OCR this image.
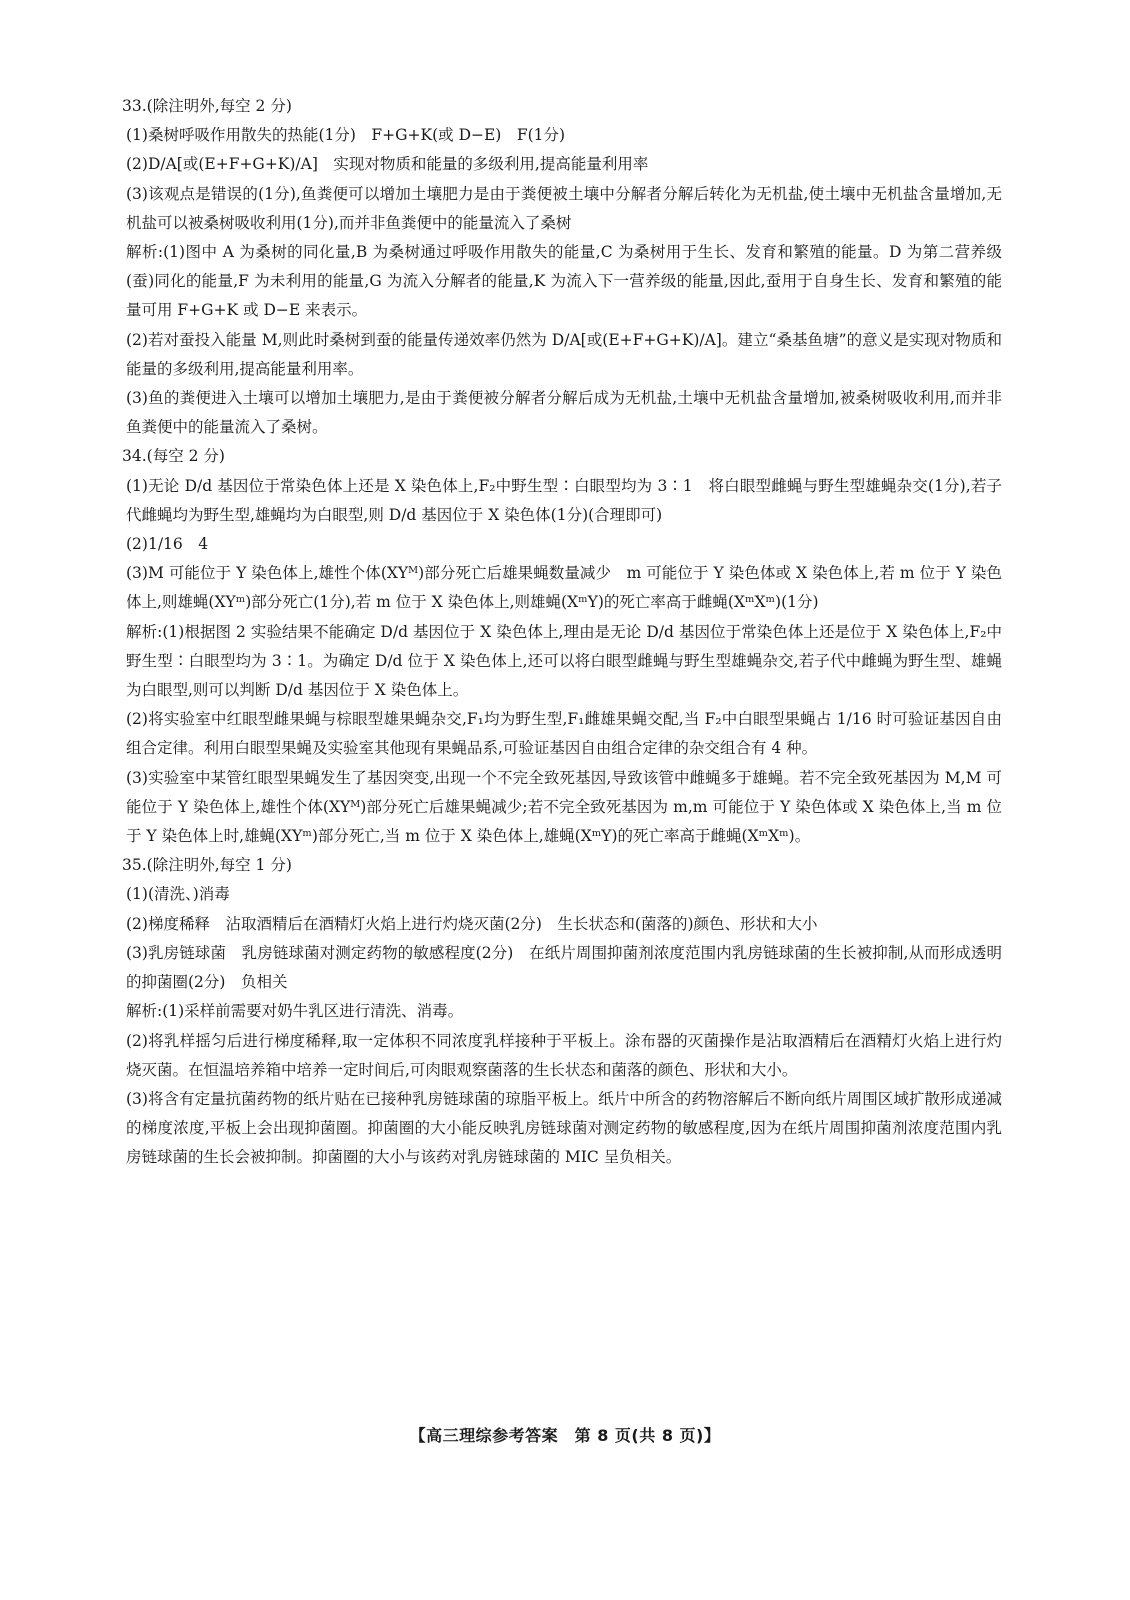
33.(除注明外,每空 2 分)

(1)桑树呼吸作用散失的热能(1分)　F+G+K(或 D−E)　F(1分)

(2)D/A[或(E+F+G+K)/A]　实现对物质和能量的多级利用,提高能量利用率

(3)该观点是错误的(1分),鱼粪便可以增加土壤肥力是由于粪便被土壤中分解者分解后转化为无机盐,使土壤中无机盐含量增加,无机盐可以被桑树吸收利用(1分),而并非鱼粪便中的能量流入了桑树

解析:(1)图中 A 为桑树的同化量,B 为桑树通过呼吸作用散失的能量,C 为桑树用于生长、发育和繁殖的能量。D 为第二营养级(蚕)同化的能量,F 为未利用的能量,G 为流入分解者的能量,K 为流入下一营养级的能量,因此,蚕用于自身生长、发育和繁殖的能量可用 F+G+K 或 D−E 来表示。

(2)若对蚕投入能量 M,则此时桑树到蚕的能量传递效率仍然为 D/A[或(E+F+G+K)/A]。建立“桑基鱼塘”的意义是实现对物质和能量的多级利用,提高能量利用率。

(3)鱼的粪便进入土壤可以增加土壤肥力,是由于粪便被分解者分解后成为无机盐,土壤中无机盐含量增加,被桑树吸收利用,而并非鱼粪便中的能量流入了桑树。

34.(每空 2 分)

(1)无论 D/d 基因位于常染色体上还是 X 染色体上,F₂中野生型∶白眼型均为 3∶1　将白眼型雌蝇与野生型雄蝇杂交(1分),若子代雌蝇均为野生型,雄蝇均为白眼型,则 D/d 基因位于 X 染色体(1分)(合理即可)

(2)1/16　4

(3)M 可能位于 Y 染色体上,雄性个体(XYᴹ)部分死亡后雄果蝇数量减少　m 可能位于 Y 染色体或 X 染色体上,若 m 位于 Y 染色体上,则雄蝇(XYᵐ)部分死亡(1分),若 m 位于 X 染色体上,则雄蝇(XᵐY)的死亡率高于雌蝇(XᵐXᵐ)(1分)

解析:(1)根据图 2 实验结果不能确定 D/d 基因位于 X 染色体上,理由是无论 D/d 基因位于常染色体上还是位于 X 染色体上,F₂中野生型∶白眼型均为 3∶1。为确定 D/d 位于 X 染色体上,还可以将白眼型雌蝇与野生型雄蝇杂交,若子代中雌蝇为野生型、雄蝇为白眼型,则可以判断 D/d 基因位于 X 染色体上。

(2)将实验室中红眼型雌果蝇与棕眼型雄果蝇杂交,F₁均为野生型,F₁雌雄果蝇交配,当 F₂中白眼型果蝇占 1/16 时可验证基因自由组合定律。利用白眼型果蝇及实验室其他现有果蝇品系,可验证基因自由组合定律的杂交组合有 4 种。

(3)实验室中某管红眼型果蝇发生了基因突变,出现一个不完全致死基因,导致该管中雌蝇多于雄蝇。若不完全致死基因为 M,M 可能位于 Y 染色体上,雄性个体(XYᴹ)部分死亡后雄果蝇减少;若不完全致死基因为 m,m 可能位于 Y 染色体或 X 染色体上,当 m 位于 Y 染色体上时,雄蝇(XYᵐ)部分死亡,当 m 位于 X 染色体上,雄蝇(XᵐY)的死亡率高于雌蝇(XᵐXᵐ)。

35.(除注明外,每空 1 分)

(1)(清洗、)消毒

(2)梯度稀释　沾取酒精后在酒精灯火焰上进行灼烧灭菌(2分)　生长状态和(菌落的)颜色、形状和大小

(3)乳房链球菌　乳房链球菌对测定药物的敏感程度(2分)　在纸片周围抑菌剂浓度范围内乳房链球菌的生长被抑制,从而形成透明的抑菌圈(2分)　负相关

解析:(1)采样前需要对奶牛乳区进行清洗、消毒。

(2)将乳样摇匀后进行梯度稀释,取一定体积不同浓度乳样接种于平板上。涂布器的灭菌操作是沾取酒精后在酒精灯火焰上进行灼烧灭菌。在恒温培养箱中培养一定时间后,可肉眼观察菌落的生长状态和菌落的颜色、形状和大小。

(3)将含有定量抗菌药物的纸片贴在已接种乳房链球菌的琼脂平板上。纸片中所含的药物溶解后不断向纸片周围区域扩散形成递减的梯度浓度,平板上会出现抑菌圈。抑菌圈的大小能反映乳房链球菌对测定药物的敏感程度,因为在纸片周围抑菌剂浓度范围内乳房链球菌的生长会被抑制。抑菌圈的大小与该药对乳房链球菌的 MIC 呈负相关。

【高三理综参考答案　第 8 页(共 8 页)】
